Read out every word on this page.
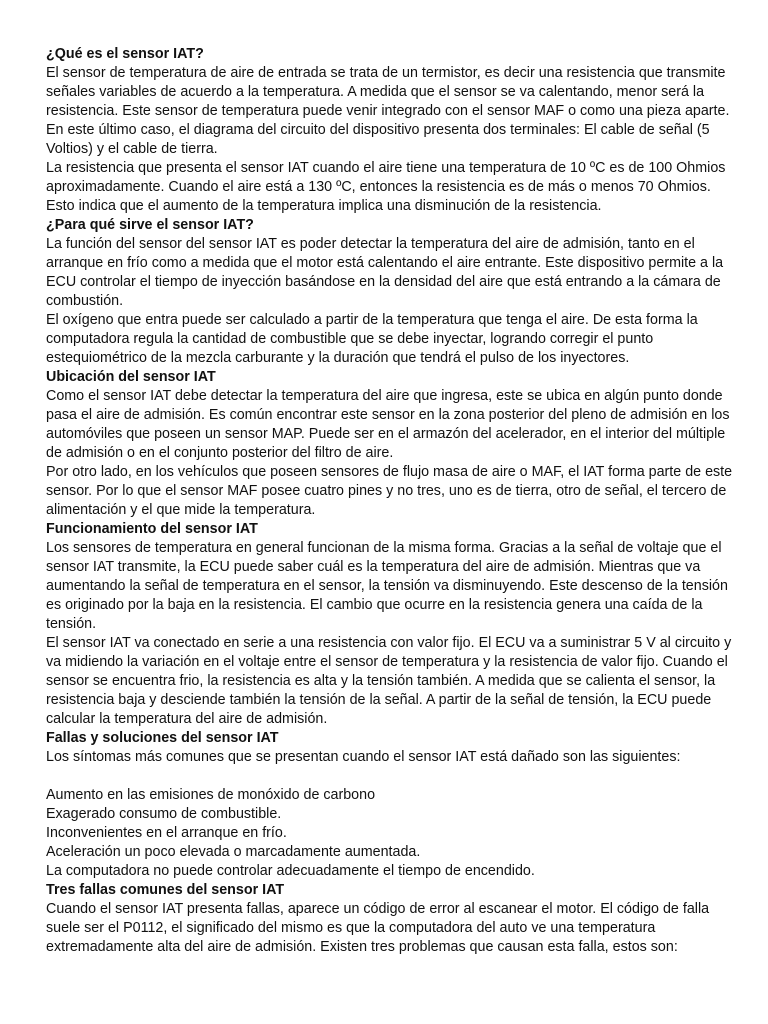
¿Qué es el sensor IAT?

El sensor de temperatura de aire de entrada se trata de un termistor, es decir una resistencia que transmite señales variables de acuerdo a la temperatura. A medida que el sensor se va calentando, menor será la resistencia. Este sensor de temperatura puede venir integrado con el sensor MAF o como una pieza aparte. En este último caso, el diagrama del circuito del dispositivo presenta dos terminales: El cable de señal (5 Voltios) y el cable de tierra.

La resistencia que presenta el sensor IAT cuando el aire tiene una temperatura de 10 ºC es de 100 Ohmios aproximadamente. Cuando el aire está a 130 ºC, entonces la resistencia es de más o menos 70 Ohmios. Esto indica que el aumento de la temperatura implica una disminución de la resistencia.

¿Para qué sirve el sensor IAT?

La función del sensor del sensor IAT es poder detectar la temperatura del aire de admisión, tanto en el arranque en frío como a medida que el motor está calentando el aire entrante. Este dispositivo permite a la ECU controlar el tiempo de inyección basándose en la densidad del aire que está entrando a la cámara de combustión.

El oxígeno que entra puede ser calculado a partir de la temperatura que tenga el aire. De esta forma la computadora regula la cantidad de combustible que se debe inyectar, logrando corregir el punto estequiométrico de la mezcla carburante y la duración que tendrá el pulso de los inyectores.

Ubicación del sensor IAT

Como el sensor IAT debe detectar la temperatura del aire que ingresa, este se ubica en algún punto donde pasa el aire de admisión. Es común encontrar este sensor en la zona posterior del pleno de admisión en los automóviles que poseen un sensor MAP. Puede ser en el armazón del acelerador, en el interior del múltiple de admisión o en el conjunto posterior del filtro de aire.

Por otro lado, en los vehículos que poseen sensores de flujo masa de aire o MAF, el IAT forma parte de este sensor. Por lo que el sensor MAF posee cuatro pines y no tres, uno es de tierra, otro de señal, el tercero de alimentación y el que mide la temperatura.

Funcionamiento del sensor IAT

Los sensores de temperatura en general funcionan de la misma forma. Gracias a la señal de voltaje que el sensor IAT transmite, la ECU puede saber cuál es la temperatura del aire de admisión. Mientras que va aumentando la señal de temperatura en el sensor, la tensión va disminuyendo. Este descenso de la tensión es originado por la baja en la resistencia. El cambio que ocurre en la resistencia genera una caída de la tensión.

El sensor IAT va conectado en serie a una resistencia con valor fijo. El ECU va a suministrar 5 V al circuito y va midiendo la variación en el voltaje entre el sensor de temperatura y la resistencia de valor fijo. Cuando el sensor se encuentra frio, la resistencia es alta y la tensión también. A medida que se calienta el sensor, la resistencia baja y desciende también la tensión de la señal. A partir de la señal de tensión, la ECU puede calcular la temperatura del aire de admisión.

Fallas y soluciones del sensor IAT

Los síntomas más comunes que se presentan cuando el sensor IAT está dañado son las siguientes:

Aumento en las emisiones de monóxido de carbono
Exagerado consumo de combustible.
Inconvenientes en el arranque en frío.
Aceleración un poco elevada o marcadamente aumentada.
La computadora no puede controlar adecuadamente el tiempo de encendido.
Tres fallas comunes del sensor IAT

Cuando el sensor IAT presenta fallas, aparece un código de error al escanear el motor. El código de falla suele ser el P0112, el significado del mismo es que la computadora del auto ve una temperatura extremadamente alta del aire de admisión. Existen tres problemas que causan esta falla, estos son:
